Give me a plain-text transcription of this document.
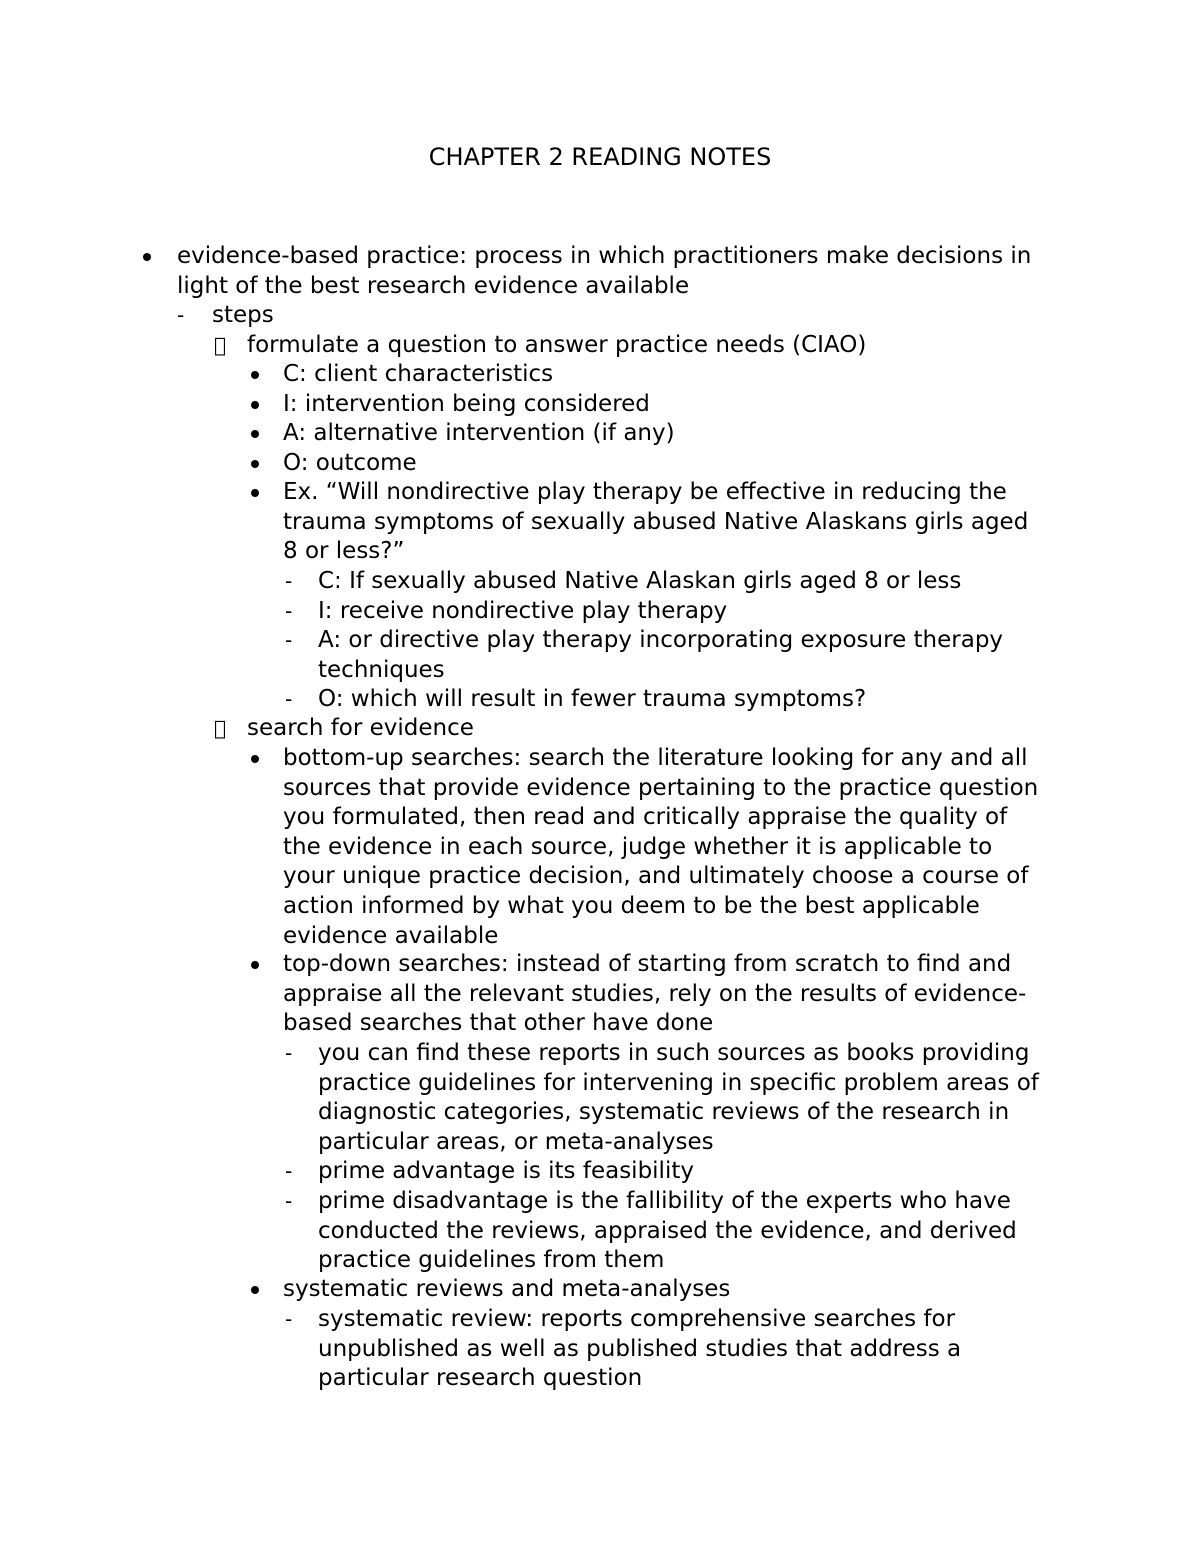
CHAPTER 2 READING NOTES
evidence-based practice: process in which practitioners make decisions in
light of the best research evidence available
- steps
formulate a question to answer practice needs (CIAO)
C: client characteristics
I: intervention being considered
A: alternative intervention (if any)
O: outcome
Ex. “Will nondirective play therapy be effective in reducing the
trauma symptoms of sexually abused Native Alaskans girls aged
8 or less?”
- C: If sexually abused Native Alaskan girls aged 8 or less
- I: receive nondirective play therapy
- A: or directive play therapy incorporating exposure therapy
techniques
- O: which will result in fewer trauma symptoms?
search for evidence
bottom-up searches: search the literature looking for any and all
sources that provide evidence pertaining to the practice question
you formulated, then read and critically appraise the quality of
the evidence in each source, judge whether it is applicable to
your unique practice decision, and ultimately choose a course of
action informed by what you deem to be the best applicable
evidence available
top-down searches: instead of starting from scratch to find and
appraise all the relevant studies, rely on the results of evidence-
based searches that other have done
- you can find these reports in such sources as books providing
practice guidelines for intervening in specific problem areas of
diagnostic categories, systematic reviews of the research in
particular areas, or meta-analyses
- prime advantage is its feasibility
- prime disadvantage is the fallibility of the experts who have
conducted the reviews, appraised the evidence, and derived
practice guidelines from them
systematic reviews and meta-analyses
- systematic review: reports comprehensive searches for
unpublished as well as published studies that address a
particular research question
